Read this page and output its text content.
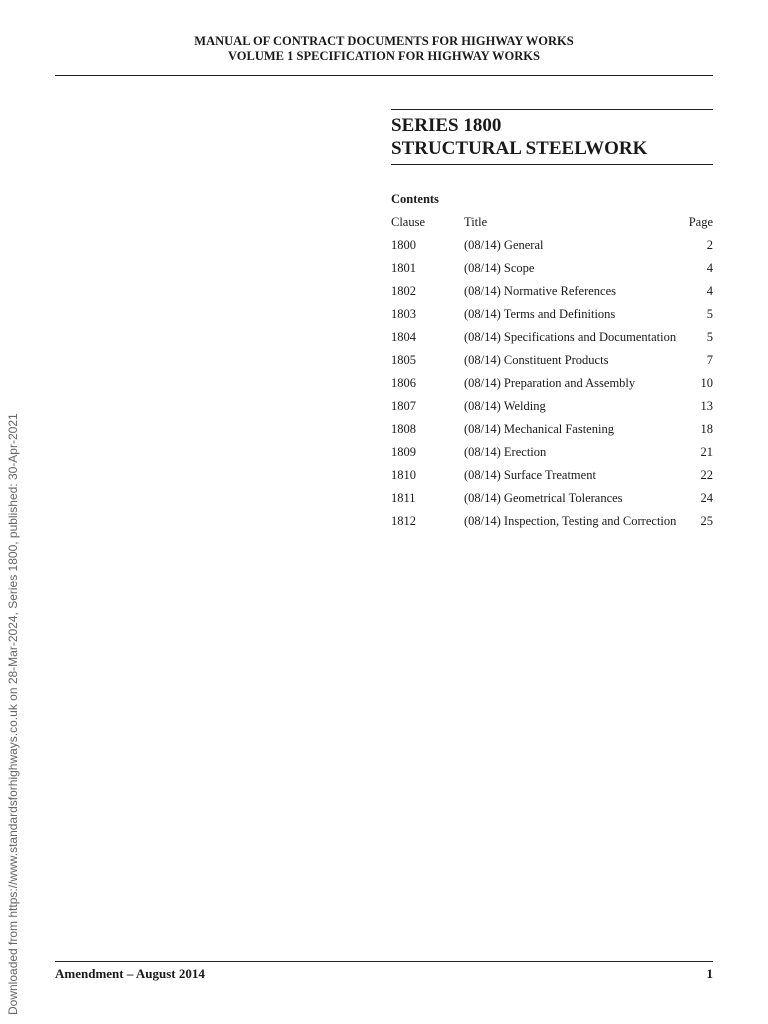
MANUAL OF CONTRACT DOCUMENTS FOR HIGHWAY WORKS
VOLUME 1 SPECIFICATION FOR HIGHWAY WORKS
SERIES 1800
STRUCTURAL STEELWORK
Contents
Clause	Title	Page
1800	(08/14) General	2
1801	(08/14) Scope	4
1802	(08/14) Normative References	4
1803	(08/14) Terms and Definitions	5
1804	(08/14) Specifications and Documentation 5
1805	(08/14) Constituent Products	7
1806	(08/14) Preparation and Assembly	10
1807	(08/14) Welding	13
1808	(08/14) Mechanical Fastening	18
1809	(08/14) Erection	21
1810	(08/14) Surface Treatment	22
1811	(08/14) Geometrical Tolerances	24
1812	(08/14) Inspection, Testing and Correction 25
Downloaded from https://www.standardsforhighways.co.uk on 28-Mar-2024, Series 1800, published: 30-Apr-2021	Amendment – August 2014	1
